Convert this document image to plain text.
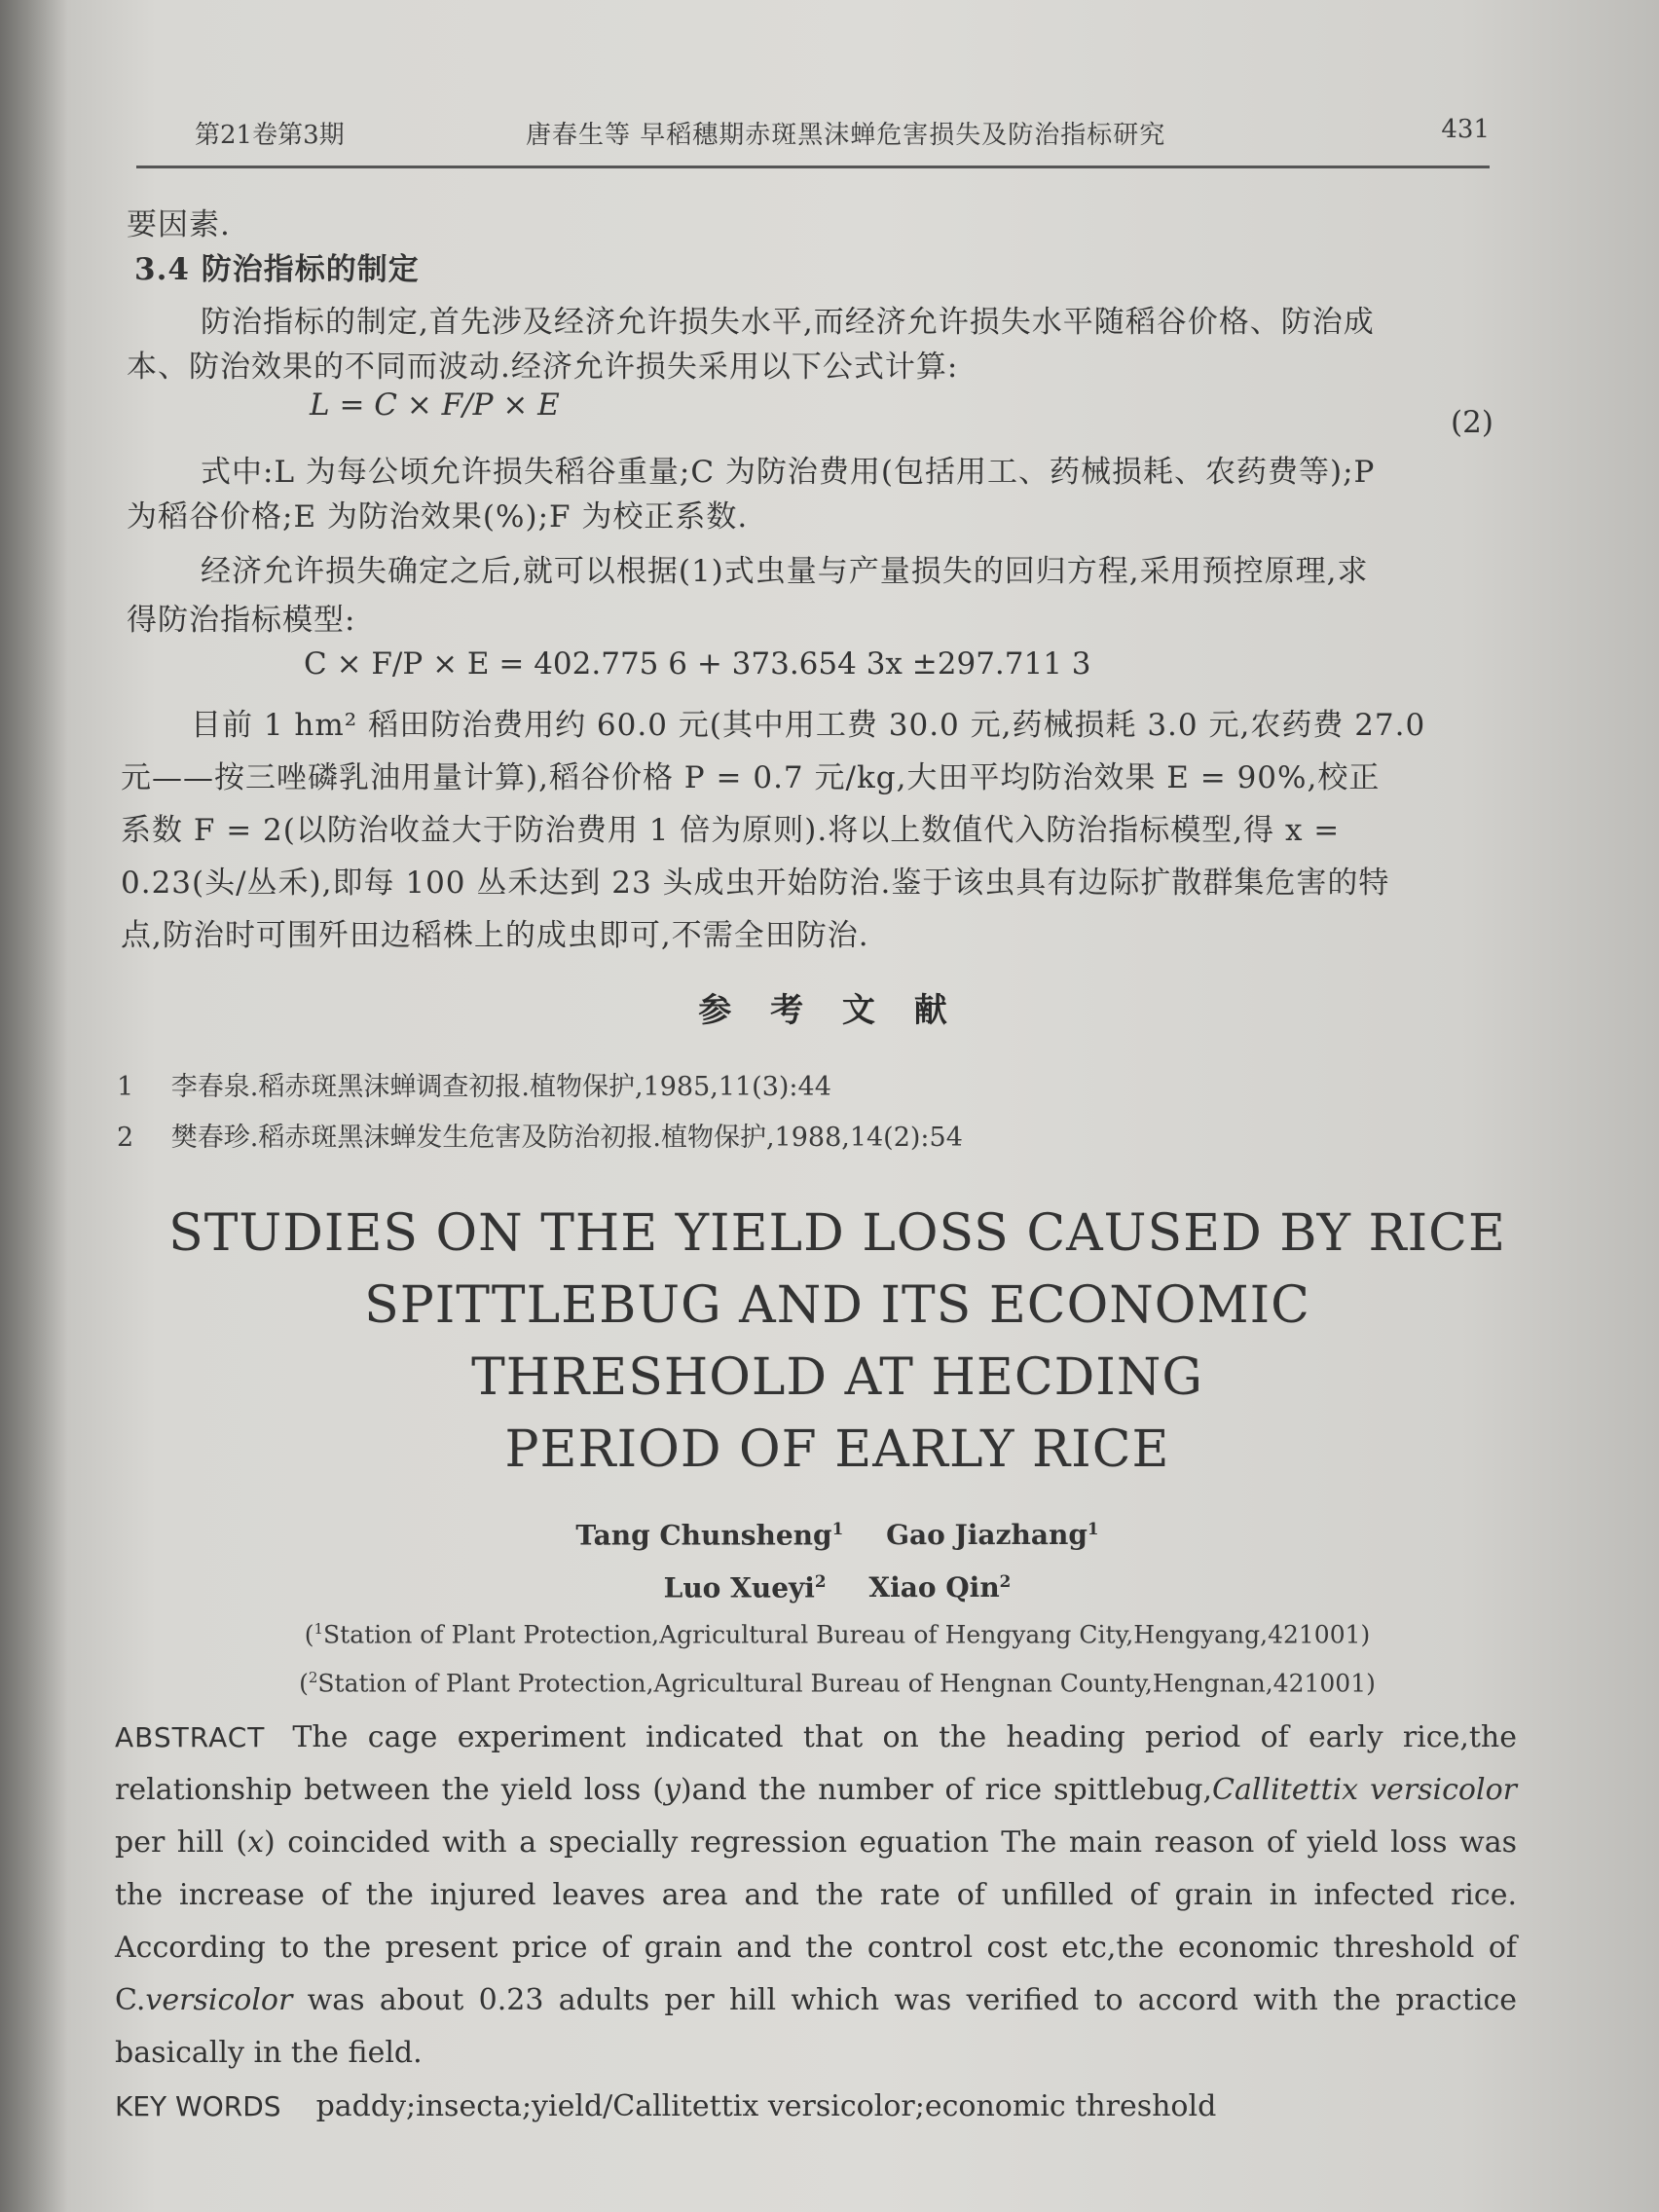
第21卷第3期	唐春生等 早稻穗期赤斑黑沫蝉危害损失及防治指标研究	431
要因素.
3.4 防治指标的制定
防治指标的制定,首先涉及经济允许损失水平,而经济允许损失水平随稻谷价格、防治成
本、防治效果的不同而波动.经济允许损失采用以下公式计算:
L = C × F/P × E	(2)
式中:L 为每公顷允许损失稻谷重量;C 为防治费用(包括用工、药械损耗、农药费等);P
为稻谷价格;E 为防治效果(%);F 为校正系数.
经济允许损失确定之后,就可以根据(1)式虫量与产量损失的回归方程,采用预控原理,求
得防治指标模型:
C × F/P × E = 402.775 6 + 373.654 3x ±297.711 3
目前 1 hm² 稻田防治费用约 60.0 元(其中用工费 30.0 元,药械损耗 3.0 元,农药费 27.0
元——按三唑磷乳油用量计算),稻谷价格 P = 0.7 元/kg,大田平均防治效果 E = 90%,校正
系数 F = 2(以防治收益大于防治费用 1 倍为原则).将以上数值代入防治指标模型,得 x =
0.23(头/丛禾),即每 100 丛禾达到 23 头成虫开始防治.鉴于该虫具有边际扩散群集危害的特
点,防治时可围歼田边稻株上的成虫即可,不需全田防治.
参 考 文 献
1 李春泉.稻赤斑黑沫蝉调查初报.植物保护,1985,11(3):44
2 樊春珍.稻赤斑黑沫蝉发生危害及防治初报.植物保护,1988,14(2):54
STUDIES ON THE YIELD LOSS CAUSED BY RICE
SPITTLEBUG AND ITS ECONOMIC
THRESHOLD AT HECDING
PERIOD OF EARLY RICE
Tang Chunsheng$^1$ Gao Jiazhang$^1$
Luo Xueyi$^2$ Xiao Qin$^2$
($^1$Station of Plant Protection,Agricultural Bureau of Hengyang City,Hengyang,421001)
($^2$Station of Plant Protection,Agricultural Bureau of Hengnan County,Hengnan,421001)
ABSTRACT The cage experiment indicated that on the heading period of early rice,the relationship between the yield loss (y)and the number of rice spittlebug,Callitettix versicolor per hill (x) coincided with a specially regression eguation The main reason of yield loss was the increase of the injured leaves area and the rate of unfilled of grain in infected rice. According to the present price of grain and the control cost etc,the economic threshold of C.versicolor was about 0.23 adults per hill which was verified to accord with the practice basically in the field.
KEY WORDS paddy;insecta;yield/Callitettix versicolor;economic threshold
